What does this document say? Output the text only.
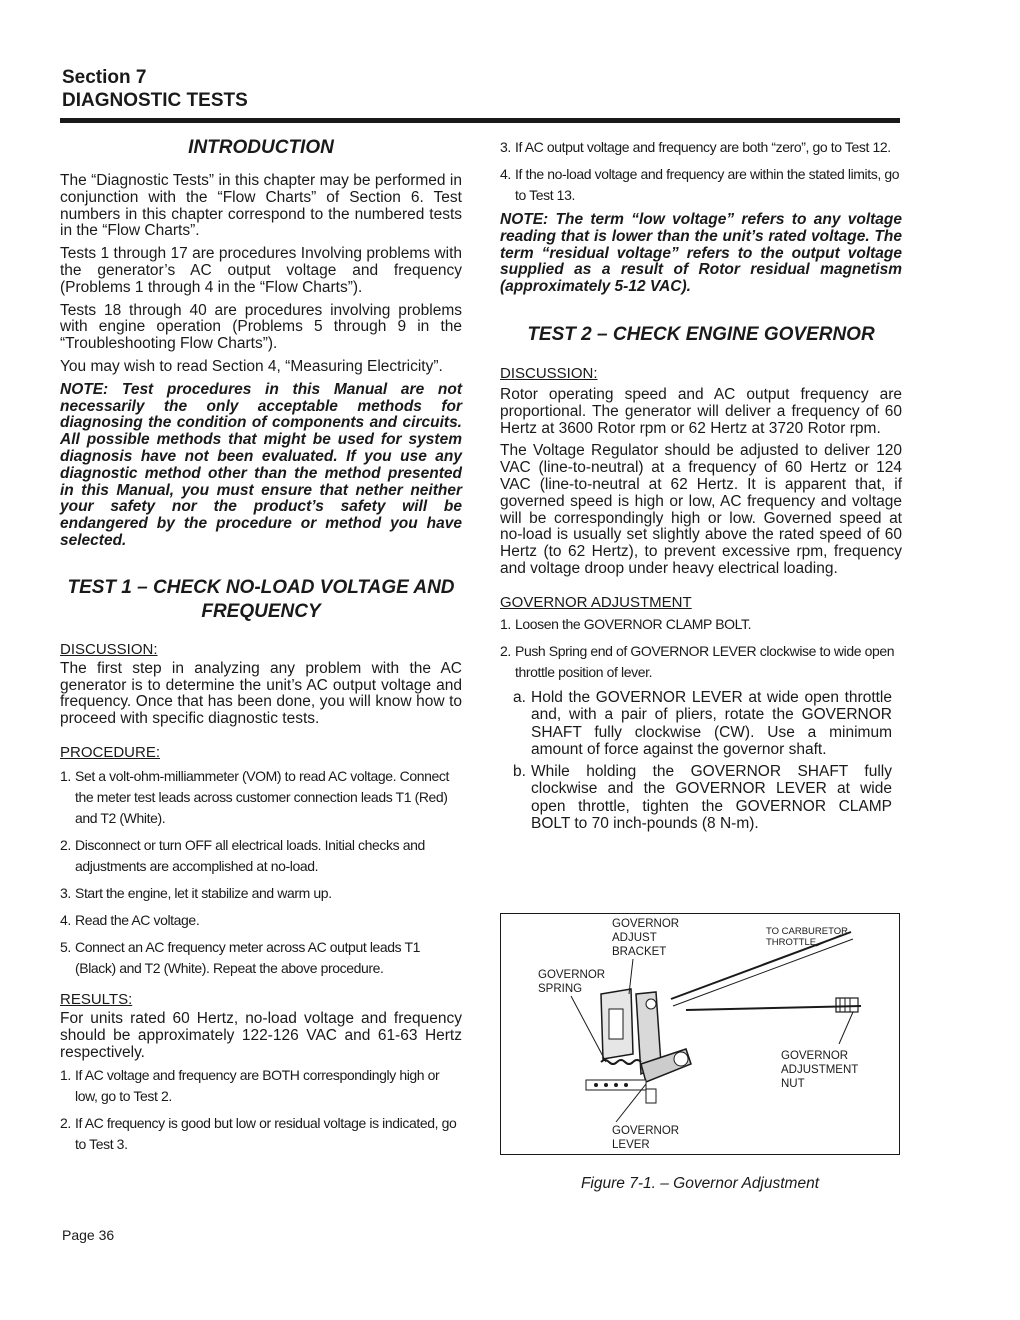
Section 7
DIAGNOSTIC TESTS
INTRODUCTION

The “Diagnostic Tests” in this chapter may be performed in conjunction with the “Flow Charts” of Section 6. Test numbers in this chapter correspond to the numbered tests in the “Flow Charts”.

Tests 1 through 17 are procedures Involving problems with the generator’s AC output voltage and frequency (Problems 1 through 4 in the “Flow Charts”).

Tests 18 through 40 are procedures involving problems with engine operation (Problems 5 through 9 in the “Troubleshooting Flow Charts”).

You may wish to read Section 4, “Measuring Electricity”.

NOTE: Test procedures in this Manual are not necessarily the only acceptable methods for diagnosing the condition of components and circuits. All possible methods that might be used for system diagnosis have not been evaluated. If you use any diagnostic method other than the method presented in this Manual, you must ensure that nether neither your safety nor the product’s safety will be endangered by the procedure or method you have selected.

TEST 1 – CHECK NO-LOAD VOLTAGE AND
FREQUENCY

DISCUSSION:

The first step in analyzing any problem with the AC generator is to determine the unit’s AC output voltage and frequency. Once that has been done, you will know how to proceed with specific diagnostic tests.

PROCEDURE:

1. Set a volt-ohm-milliammeter (VOM) to read AC voltage. Connect the meter test leads across customer connection leads T1 (Red) and T2 (White).
2. Disconnect or turn OFF all electrical loads. Initial checks and adjustments are accomplished at no-load.
3. Start the engine, let it stabilize and warm up.
4. Read the AC voltage.
5. Connect an AC frequency meter across AC output leads T1 (Black) and T2 (White). Repeat the above procedure.

RESULTS:

For units rated 60 Hertz, no-load voltage and frequency should be approximately 122-126 VAC and 61-63 Hertz respectively.

1. If AC voltage and frequency are BOTH correspondingly high or low, go to Test 2.
2. If AC frequency is good but low or residual voltage is indicated, go to Test 3.
3. If AC output voltage and frequency are both “zero”, go to Test 12.
4. If the no-load voltage and frequency are within the stated limits, go to Test 13.

NOTE: The term “low voltage” refers to any voltage reading that is lower than the unit’s rated voltage. The term “residual voltage” refers to the output voltage supplied as a result of Rotor residual magnetism (approximately 5-12 VAC).

TEST 2 – CHECK ENGINE GOVERNOR

DISCUSSION:

Rotor operating speed and AC output frequency are proportional. The generator will deliver a frequency of 60 Hertz at 3600 Rotor rpm or 62 Hertz at 3720 Rotor rpm.

The Voltage Regulator should be adjusted to deliver 120 VAC (line-to-neutral) at a frequency of 60 Hertz or 124 VAC (line-to-neutral at 62 Hertz. It is apparent that, if governed speed is high or low, AC frequency and voltage will be correspondingly high or low. Governed speed at no-load is usually set slightly above the rated speed of 60 Hertz (to 62 Hertz), to prevent excessive rpm, frequency and voltage droop under heavy electrical loading.

GOVERNOR ADJUSTMENT

1. Loosen the GOVERNOR CLAMP BOLT.
2. Push Spring end of GOVERNOR LEVER clockwise to wide open throttle position of lever.
a. Hold the GOVERNOR LEVER at wide open throttle and, with a pair of pliers, rotate the GOVERNOR SHAFT fully clockwise (CW). Use a minimum amount of force against the governor shaft.
b. While holding the GOVERNOR SHAFT fully clockwise and the GOVERNOR LEVER at wide open throttle, tighten the GOVERNOR CLAMP BOLT to 70 inch-pounds (8 N-m).
GOVERNOR
ADJUST
BRACKET
TO CARBURETOR
THROTTLE
GOVERNOR
SPRING
GOVERNOR
ADJUSTMENT
NUT
GOVERNOR
LEVER
Figure 7-1. – Governor Adjustment
Page 36
